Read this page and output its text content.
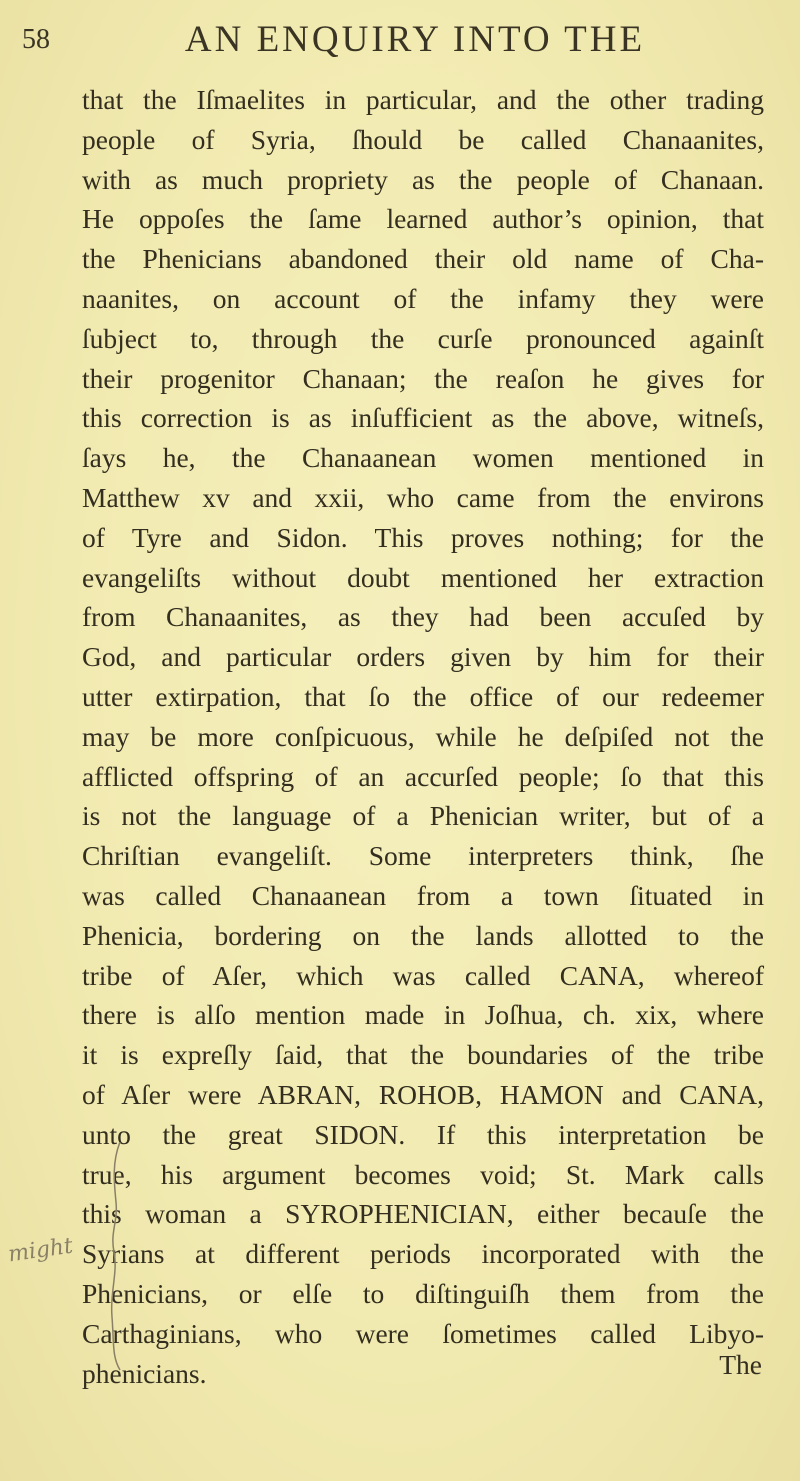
58	AN ENQUIRY INTO THE
that the Iſmaelites in particular, and the other trading
people of Syria, ſhould be called Chanaanites,
with as much propriety as the people of Chanaan.
He oppoſes the ſame learned author’s opinion, that
the Phenicians abandoned their old name of Cha-
naanites, on account of the infamy they were
ſubject to, through the curſe pronounced againſt
their progenitor Chanaan; the reaſon he gives for
this correction is as inſufficient as the above, witneſs,
ſays he, the Chanaanean women mentioned in
Matthew xv and xxii, who came from the environs
of Tyre and Sidon. This proves nothing; for the
evangeliſts without doubt mentioned her extraction
from Chanaanites, as they had been accuſed by
God, and particular orders given by him for their
utter extirpation, that ſo the office of our redeemer
may be more conſpicuous, while he deſpiſed not the
afflicted offspring of an accurſed people; ſo that this
is not the language of a Phenician writer, but of a
Chriſtian evangeliſt. Some interpreters think, ſhe
was called Chanaanean from a town ſituated in
Phenicia, bordering on the lands allotted to the
tribe of Aſer, which was called CANA, whereof
there is alſo mention made in Joſhua, ch. xix, where
it is expreſly ſaid, that the boundaries of the tribe
of Aſer were ABRAN, ROHOB, HAMON and CANA,
unto the great SIDON. If this interpretation be
true, his argument becomes void; St. Mark calls
this woman a SYROPHENICIAN, either becauſe the
Syrians at different periods incorporated with the
Phenicians, or elſe to diſtinguiſh them from the
Carthaginians, who were ſometimes called Libyo-
phenicians.
might
The
